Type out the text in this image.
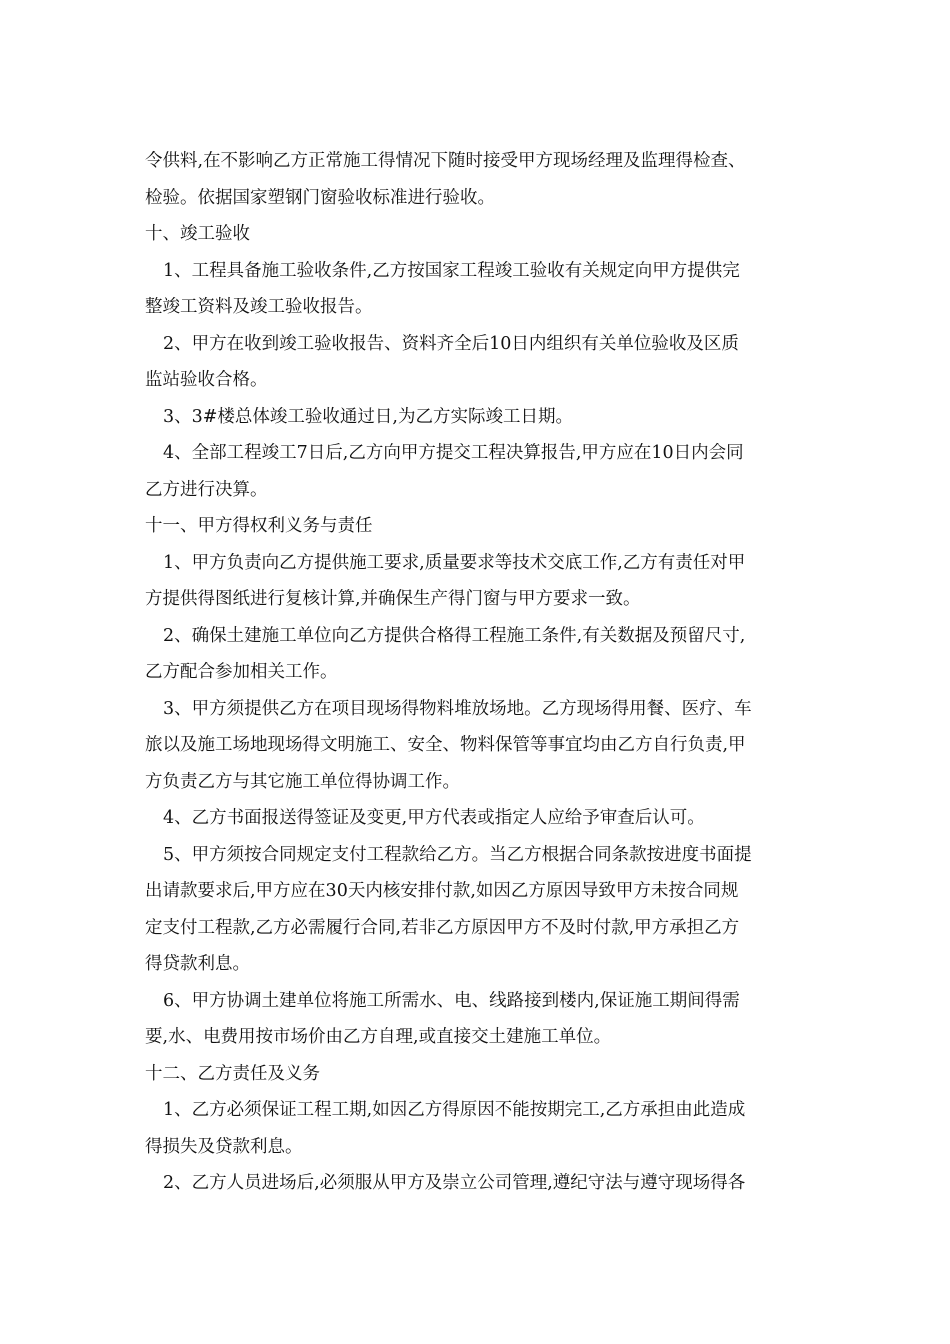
令供料,在不影响乙方正常施工得情况下随时接受甲方现场经理及监理得检查、
检验。依据国家塑钢门窗验收标准进行验收。
十、竣工验收
1、工程具备施工验收条件,乙方按国家工程竣工验收有关规定向甲方提供完
整竣工资料及竣工验收报告。
2、甲方在收到竣工验收报告、资料齐全后10日内组织有关单位验收及区质
监站验收合格。
3、3#楼总体竣工验收通过日,为乙方实际竣工日期。
4、全部工程竣工7日后,乙方向甲方提交工程决算报告,甲方应在10日内会同
乙方进行决算。
十一、甲方得权利义务与责任
1、甲方负责向乙方提供施工要求,质量要求等技术交底工作,乙方有责任对甲
方提供得图纸进行复核计算,并确保生产得门窗与甲方要求一致。
2、确保土建施工单位向乙方提供合格得工程施工条件,有关数据及预留尺寸,
乙方配合参加相关工作。
3、甲方须提供乙方在项目现场得物料堆放场地。乙方现场得用餐、医疗、车
旅以及施工场地现场得文明施工、安全、物料保管等事宜均由乙方自行负责,甲
方负责乙方与其它施工单位得协调工作。
4、乙方书面报送得签证及变更,甲方代表或指定人应给予审查后认可。
5、甲方须按合同规定支付工程款给乙方。当乙方根据合同条款按进度书面提
出请款要求后,甲方应在30天内核安排付款,如因乙方原因导致甲方未按合同规
定支付工程款,乙方必需履行合同,若非乙方原因甲方不及时付款,甲方承担乙方
得贷款利息。
6、甲方协调土建单位将施工所需水、电、线路接到楼内,保证施工期间得需
要,水、电费用按市场价由乙方自理,或直接交土建施工单位。
十二、乙方责任及义务
1、乙方必须保证工程工期,如因乙方得原因不能按期完工,乙方承担由此造成
得损失及贷款利息。
2、乙方人员进场后,必须服从甲方及崇立公司管理,遵纪守法与遵守现场得各
